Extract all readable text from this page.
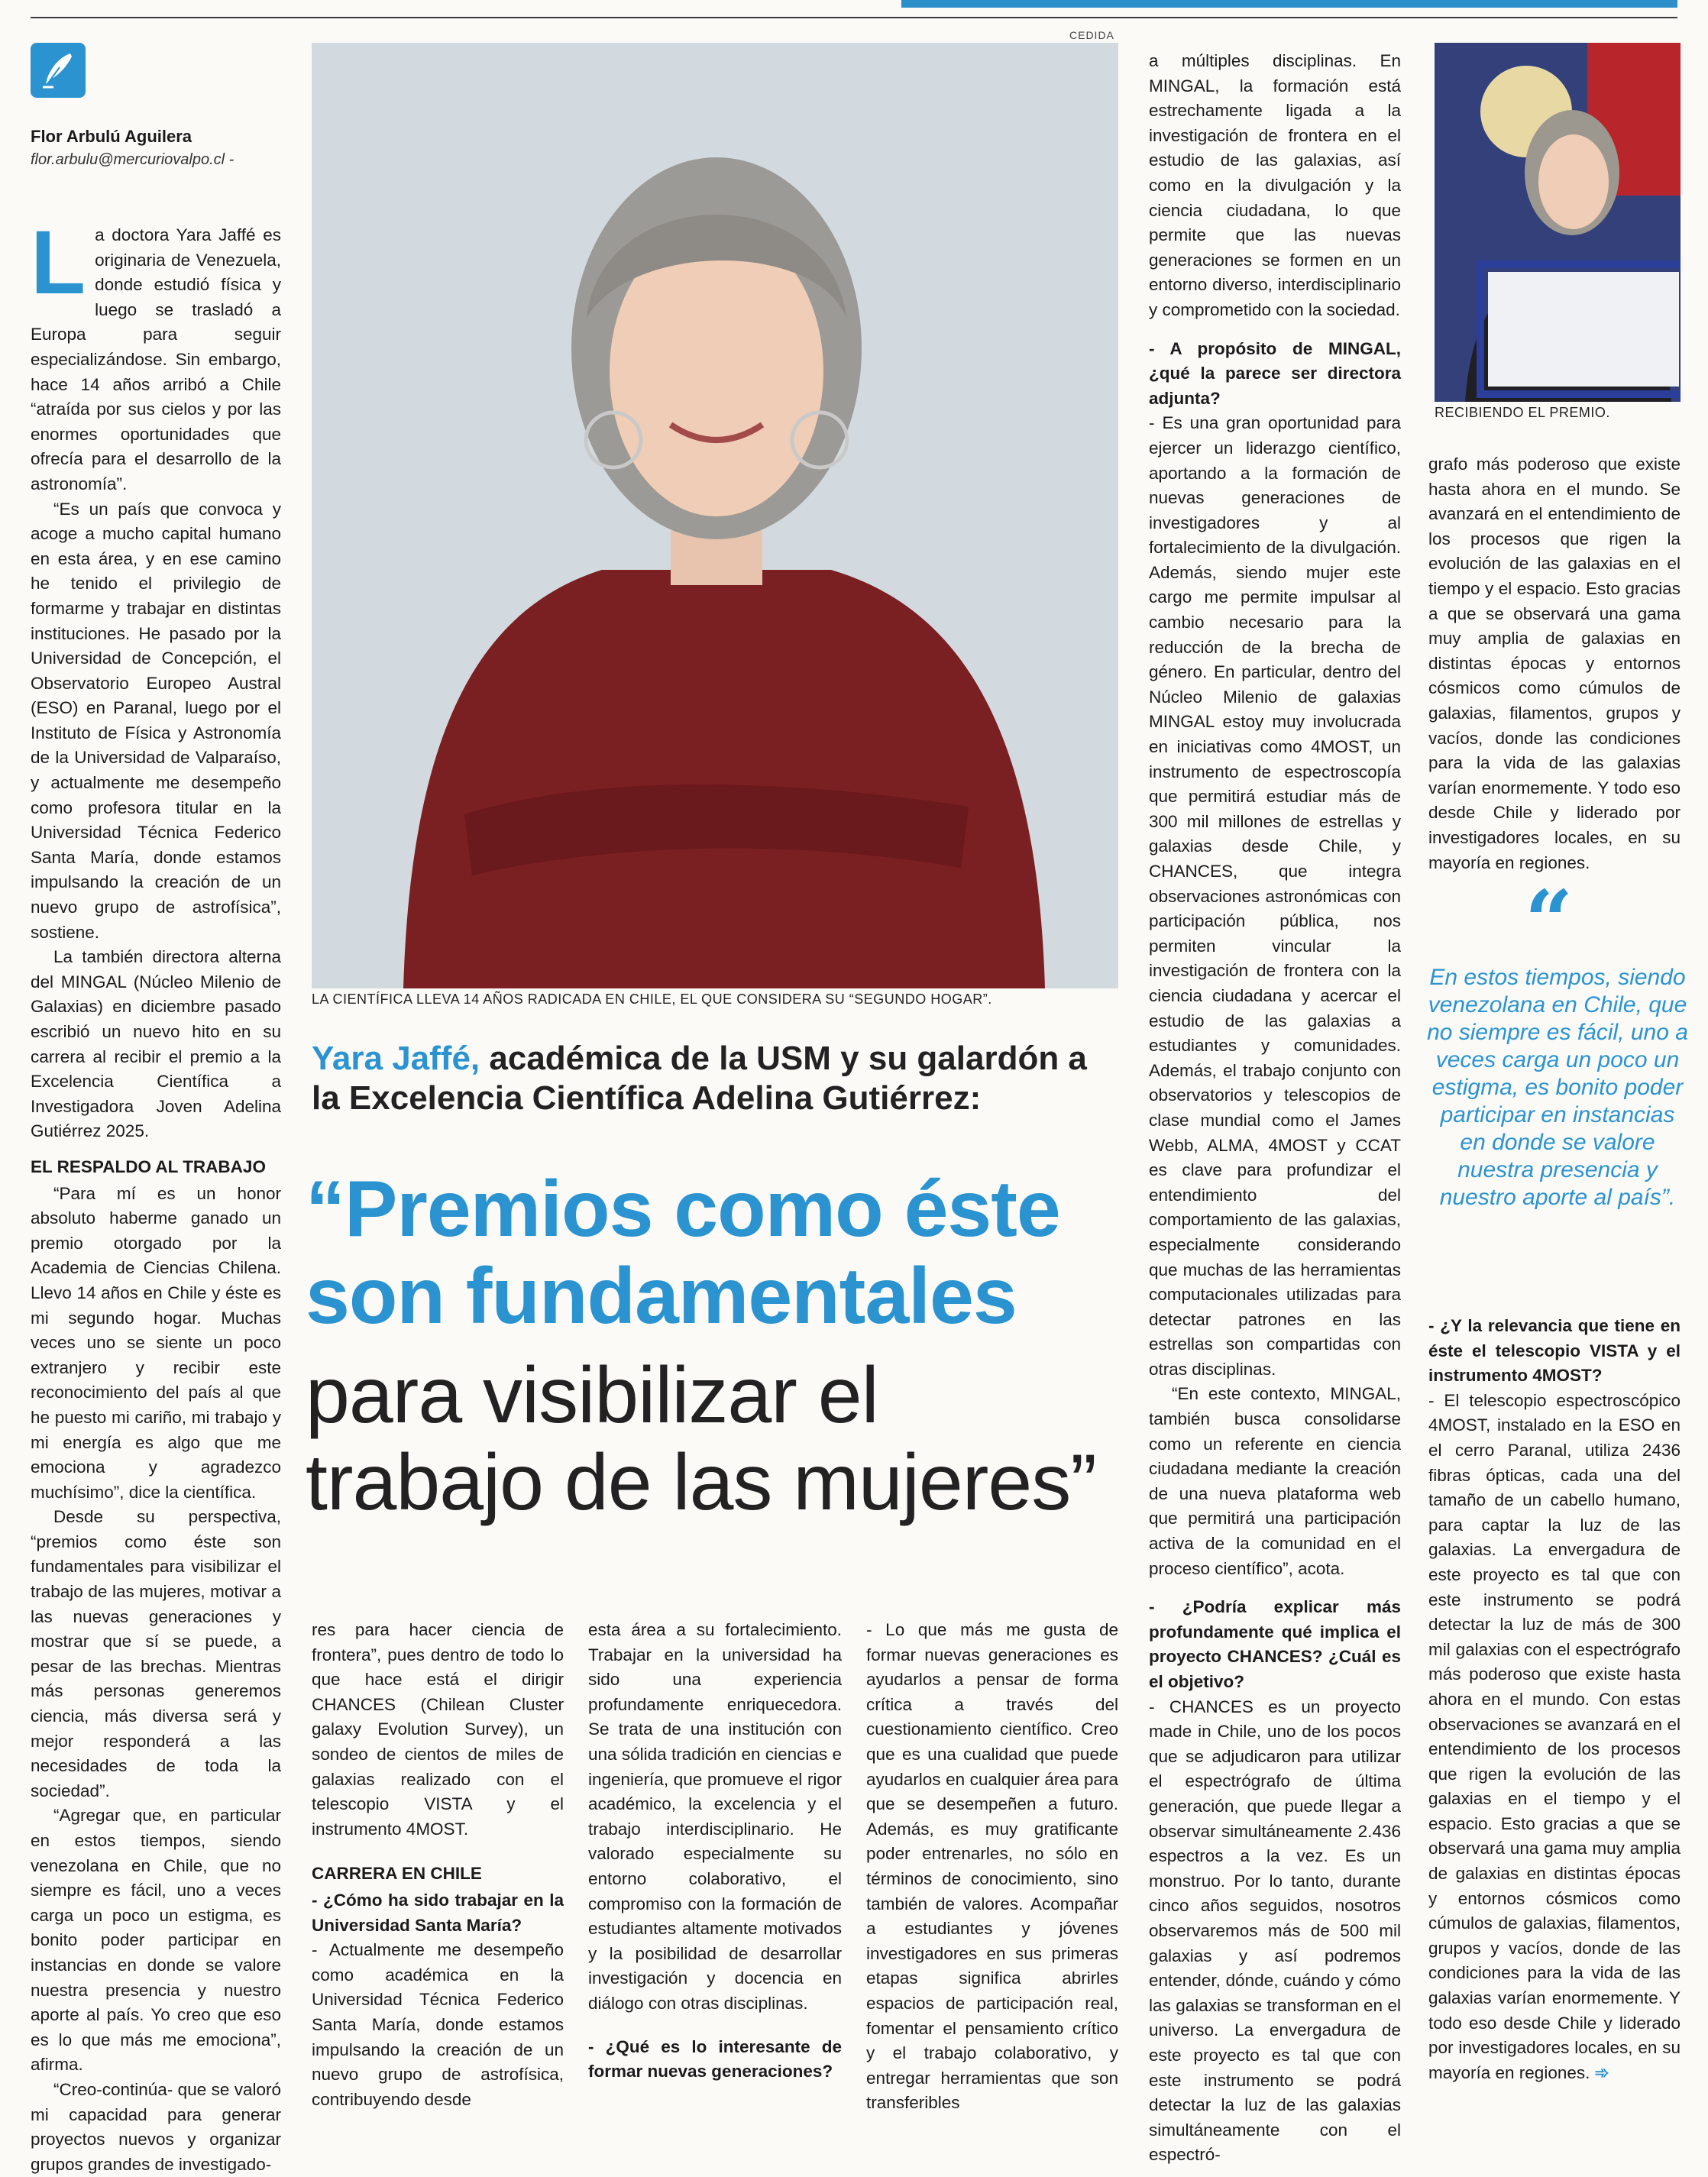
Flor Arbulú Aguilera
flor.arbulu@mercuriovalpo.cl -

La doctora Yara Jaffé es originaria de Venezuela, donde estudió física y luego se trasladó a Europa para seguir especializándose. Sin embargo, hace 14 años arribó a Chile “atraída por sus cielos y por las enormes oportunidades que ofrecía para el desarrollo de la astronomía”.

“Es un país que convoca y acoge a mucho capital humano en esta área, y en ese camino he tenido el privilegio de formarme y trabajar en distintas instituciones. He pasado por la Universidad de Concepción, el Observatorio Europeo Austral (ESO) en Paranal, luego por el Instituto de Física y Astronomía de la Universidad de Valparaíso, y actualmente me desempeño como profesora titular en la Universidad Técnica Federico Santa María, donde estamos impulsando la creación de un nuevo grupo de astrofísica”, sostiene.

La también directora alterna del MINGAL (Núcleo Milenio de Galaxias) en diciembre pasado escribió un nuevo hito en su carrera al recibir el premio a la Excelencia Científica a Investigadora Joven Adelina Gutiérrez 2025.

EL RESPALDO AL TRABAJO

“Para mí es un honor absoluto haberme ganado un premio otorgado por la Academia de Ciencias Chilena. Llevo 14 años en Chile y éste es mi segundo hogar. Muchas veces uno se siente un poco extranjero y recibir este reconocimiento del país al que he puesto mi cariño, mi trabajo y mi energía es algo que me emociona y agradezco muchísimo”, dice la científica.

Desde su perspectiva, “premios como éste son fundamentales para visibilizar el trabajo de las mujeres, motivar a las nuevas generaciones y mostrar que sí se puede, a pesar de las brechas. Mientras más personas generemos ciencia, más diversa será y mejor responderá a las necesidades de toda la sociedad”.

“Agregar que, en particular en estos tiempos, siendo venezolana en Chile, que no siempre es fácil, uno a veces carga un poco un estigma, es bonito poder participar en instancias en donde se valore nuestra presencia y nuestro aporte al país. Yo creo que eso es lo que más me emociona”, afirma.

“Creo-continúa- que se valoró mi capacidad para generar proyectos nuevos y organizar grupos grandes de investigado-

CEDIDA
LA CIENTÍFICA LLEVA 14 AÑOS RADICADA EN CHILE, EL QUE CONSIDERA SU “SEGUNDO HOGAR”.
Yara Jaffé, académica de la USM y su galardón a la Excelencia Científica Adelina Gutiérrez:
“Premios como éste son fundamentales
para visibilizar el trabajo de las mujeres”

res para hacer ciencia de frontera”, pues dentro de todo lo que hace está el dirigir CHANCES (Chilean Cluster galaxy Evolution Survey), un sondeo de cientos de miles de galaxias realizado con el telescopio VISTA y el instrumento 4MOST.

CARRERA EN CHILE

- ¿Cómo ha sido trabajar en la Universidad Santa María?

- Actualmente me desempeño como académica en la Universidad Técnica Federico Santa María, donde estamos impulsando la creación de un nuevo grupo de astrofísica, contribuyendo desde

esta área a su fortalecimiento. Trabajar en la universidad ha sido una experiencia profundamente enriquecedora. Se trata de una institución con una sólida tradición en ciencias e ingeniería, que promueve el rigor académico, la excelencia y el trabajo interdisciplinario. He valorado especialmente su entorno colaborativo, el compromiso con la formación de estudiantes altamente motivados y la posibilidad de desarrollar investigación y docencia en diálogo con otras disciplinas.

- ¿Qué es lo interesante de formar nuevas generaciones?

- Lo que más me gusta de formar nuevas generaciones es ayudarlos a pensar de forma crítica a través del cuestionamiento científico. Creo que es una cualidad que puede ayudarlos en cualquier área para que se desempeñen a futuro. Además, es muy gratificante poder entrenarles, no sólo en términos de conocimiento, sino también de valores. Acompañar a estudiantes y jóvenes investigadores en sus primeras etapas significa abrirles espacios de participación real, fomentar el pensamiento crítico y el trabajo colaborativo, y entregar herramientas que son transferibles

a múltiples disciplinas. En MINGAL, la formación está estrechamente ligada a la investigación de frontera en el estudio de las galaxias, así como en la divulgación y la ciencia ciudadana, lo que permite que las nuevas generaciones se formen en un entorno diverso, interdisciplinario y comprometido con la sociedad.

- A propósito de MINGAL, ¿qué la parece ser directora adjunta?

- Es una gran oportunidad para ejercer un liderazgo científico, aportando a la formación de nuevas generaciones de investigadores y al fortalecimiento de la divulgación. Además, siendo mujer este cargo me permite impulsar al cambio necesario para la reducción de la brecha de género. En particular, dentro del Núcleo Milenio de galaxias MINGAL estoy muy involucrada en iniciativas como 4MOST, un instrumento de espectroscopía que permitirá estudiar más de 300 mil millones de estrellas y galaxias desde Chile, y CHANCES, que integra observaciones astronómicas con participación pública, nos permiten vincular la investigación de frontera con la ciencia ciudadana y acercar el estudio de las galaxias a estudiantes y comunidades. Además, el trabajo conjunto con observatorios y telescopios de clase mundial como el James Webb, ALMA, 4MOST y CCAT es clave para profundizar el entendimiento del comportamiento de las galaxias, especialmente considerando que muchas de las herramientas computacionales utilizadas para detectar patrones en las estrellas son compartidas con otras disciplinas.

“En este contexto, MINGAL, también busca consolidarse como un referente en ciencia ciudadana mediante la creación de una nueva plataforma web que permitirá una participación activa de la comunidad en el proceso científico”, acota.

- ¿Podría explicar más profundamente qué implica el proyecto CHANCES? ¿Cuál es el objetivo?

- CHANCES es un proyecto made in Chile, uno de los pocos que se adjudicaron para utilizar el espectrógrafo de última generación, que puede llegar a observar simultáneamente 2.436 espectros a la vez. Es un monstruo. Por lo tanto, durante cinco años seguidos, nosotros observaremos más de 500 mil galaxias y así podremos entender, dónde, cuándo y cómo las galaxias se transforman en el universo. La envergadura de este proyecto es tal que con este instrumento se podrá detectar la luz de las galaxias simultáneamente con el espectró-

RECIBIENDO EL PREMIO.

grafo más poderoso que existe hasta ahora en el mundo. Se avanzará en el entendimiento de los procesos que rigen la evolución de las galaxias en el tiempo y el espacio. Esto gracias a que se observará una gama muy amplia de galaxias en distintas épocas y entornos cósmicos como cúmulos de galaxias, filamentos, grupos y vacíos, donde las condiciones para la vida de las galaxias varían enormemente. Y todo eso desde Chile y liderado por investigadores locales, en su mayoría en regiones.

“
En estos tiempos, siendo venezolana en Chile, que no siempre es fácil, uno a veces carga un poco un estigma, es bonito poder participar en instancias en donde se valore nuestra presencia y nuestro aporte al país”.

- ¿Y la relevancia que tiene en éste el telescopio VISTA y el instrumento 4MOST?

- El telescopio espectroscópico 4MOST, instalado en la ESO en el cerro Paranal, utiliza 2436 fibras ópticas, cada una del tamaño de un cabello humano, para captar la luz de las galaxias. La envergadura de este proyecto es tal que con este instrumento se podrá detectar la luz de más de 300 mil galaxias con el espectrógrafo más poderoso que existe hasta ahora en el mundo. Con estas observaciones se avanzará en el entendimiento de los procesos que rigen la evolución de las galaxias en el tiempo y el espacio. Esto gracias a que se observará una gama muy amplia de galaxias en distintas épocas y entornos cósmicos como cúmulos de galaxias, filamentos, grupos y vacíos, donde de las condiciones para la vida de las galaxias varían enormemente. Y todo eso desde Chile y liderado por investigadores locales, en su mayoría en regiones. ➾
